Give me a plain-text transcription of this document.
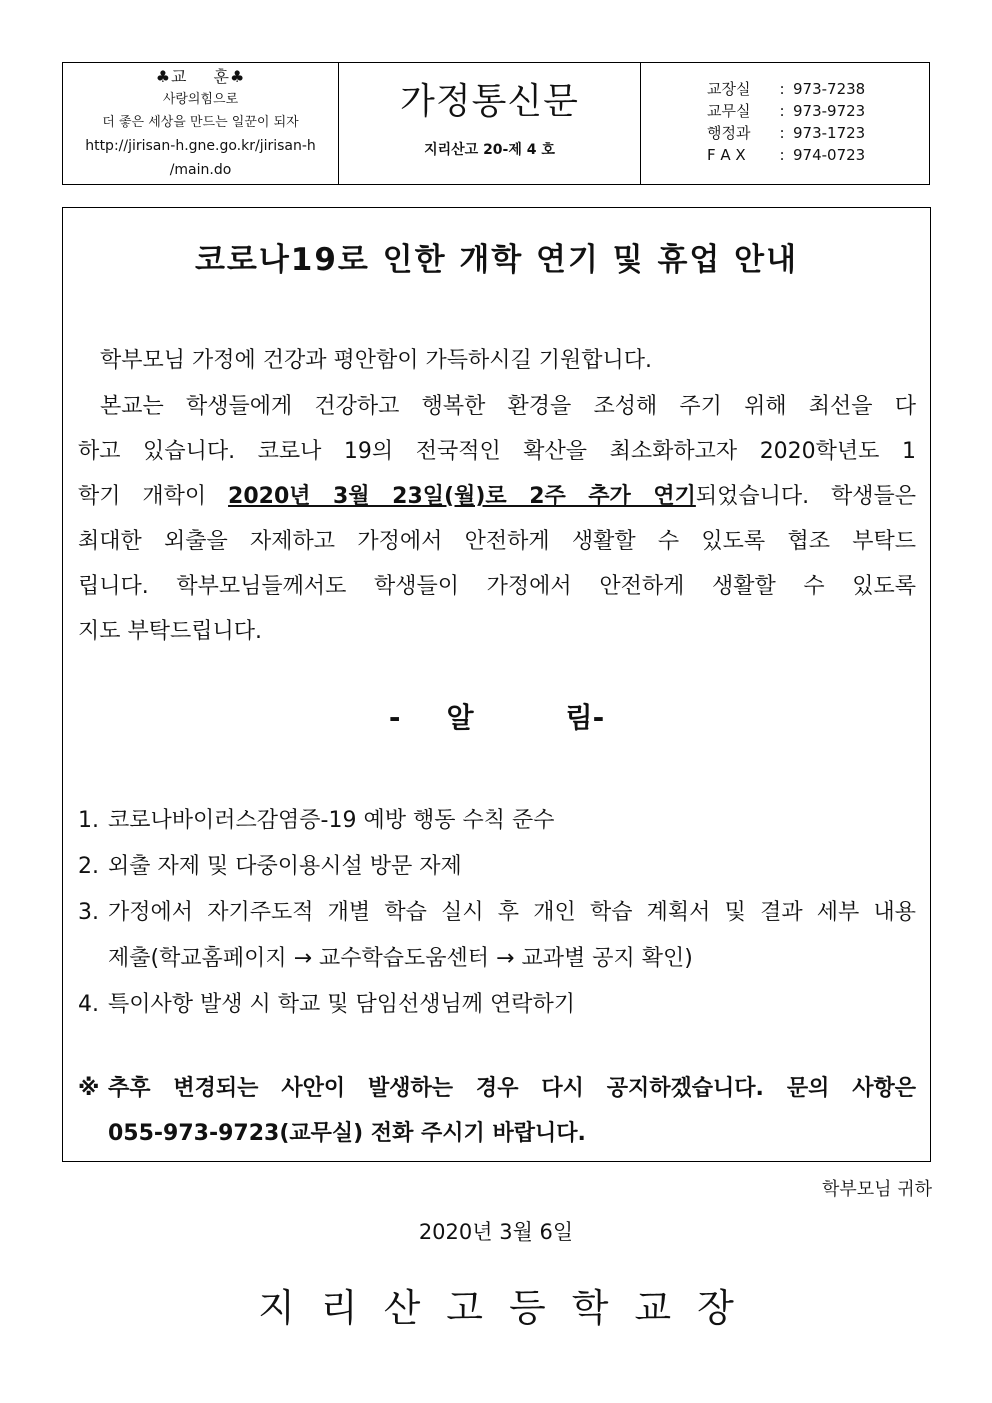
♣교 훈♣
사랑의힘으로
더 좋은 세상을 만드는 일꾼이 되자
http://jirisan-h.gne.go.kr/jirisan-h
/main.do
가정통신문
지리산고 20-제 4 호
교장실	: 973-7238
교무실	: 973-9723
행정과	: 973-1723
F A X	: 974-0723
코로나19로 인한 개학 연기 및 휴업 안내
학부모님 가정에 건강과 평안함이 가득하시길 기원합니다.
본교는 학생들에게 건강하고 행복한 환경을 조성해 주기 위해 최선을 다
하고 있습니다. 코로나 19의 전국적인 확산을 최소화하고자 2020학년도 1
학기 개학이 2020년 3월 23일(월)로 2주 추가 연기되었습니다. 학생들은
최대한 외출을 자제하고 가정에서 안전하게 생활할 수 있도록 협조 부탁드
립니다. 학부모님들께서도 학생들이 가정에서 안전하게 생활할 수 있도록
지도 부탁드립니다.
- 알	림-
1. 코로나바이러스감염증-19 예방 행동 수칙 준수
2. 외출 자제 및 다중이용시설 방문 자제
3. 가정에서 자기주도적 개별 학습 실시 후 개인 학습 계획서 및 결과 세부 내용
제출(학교홈페이지 → 교수학습도움센터 → 교과별 공지 확인)
4. 특이사항 발생 시 학교 및 담임선생님께 연락하기
※ 추후 변경되는 사안이 발생하는 경우 다시 공지하겠습니다. 문의 사항은
055-973-9723(교무실) 전화 주시기 바랍니다.
학부모님 귀하
2020년 3월 6일
지리산고등학교장
